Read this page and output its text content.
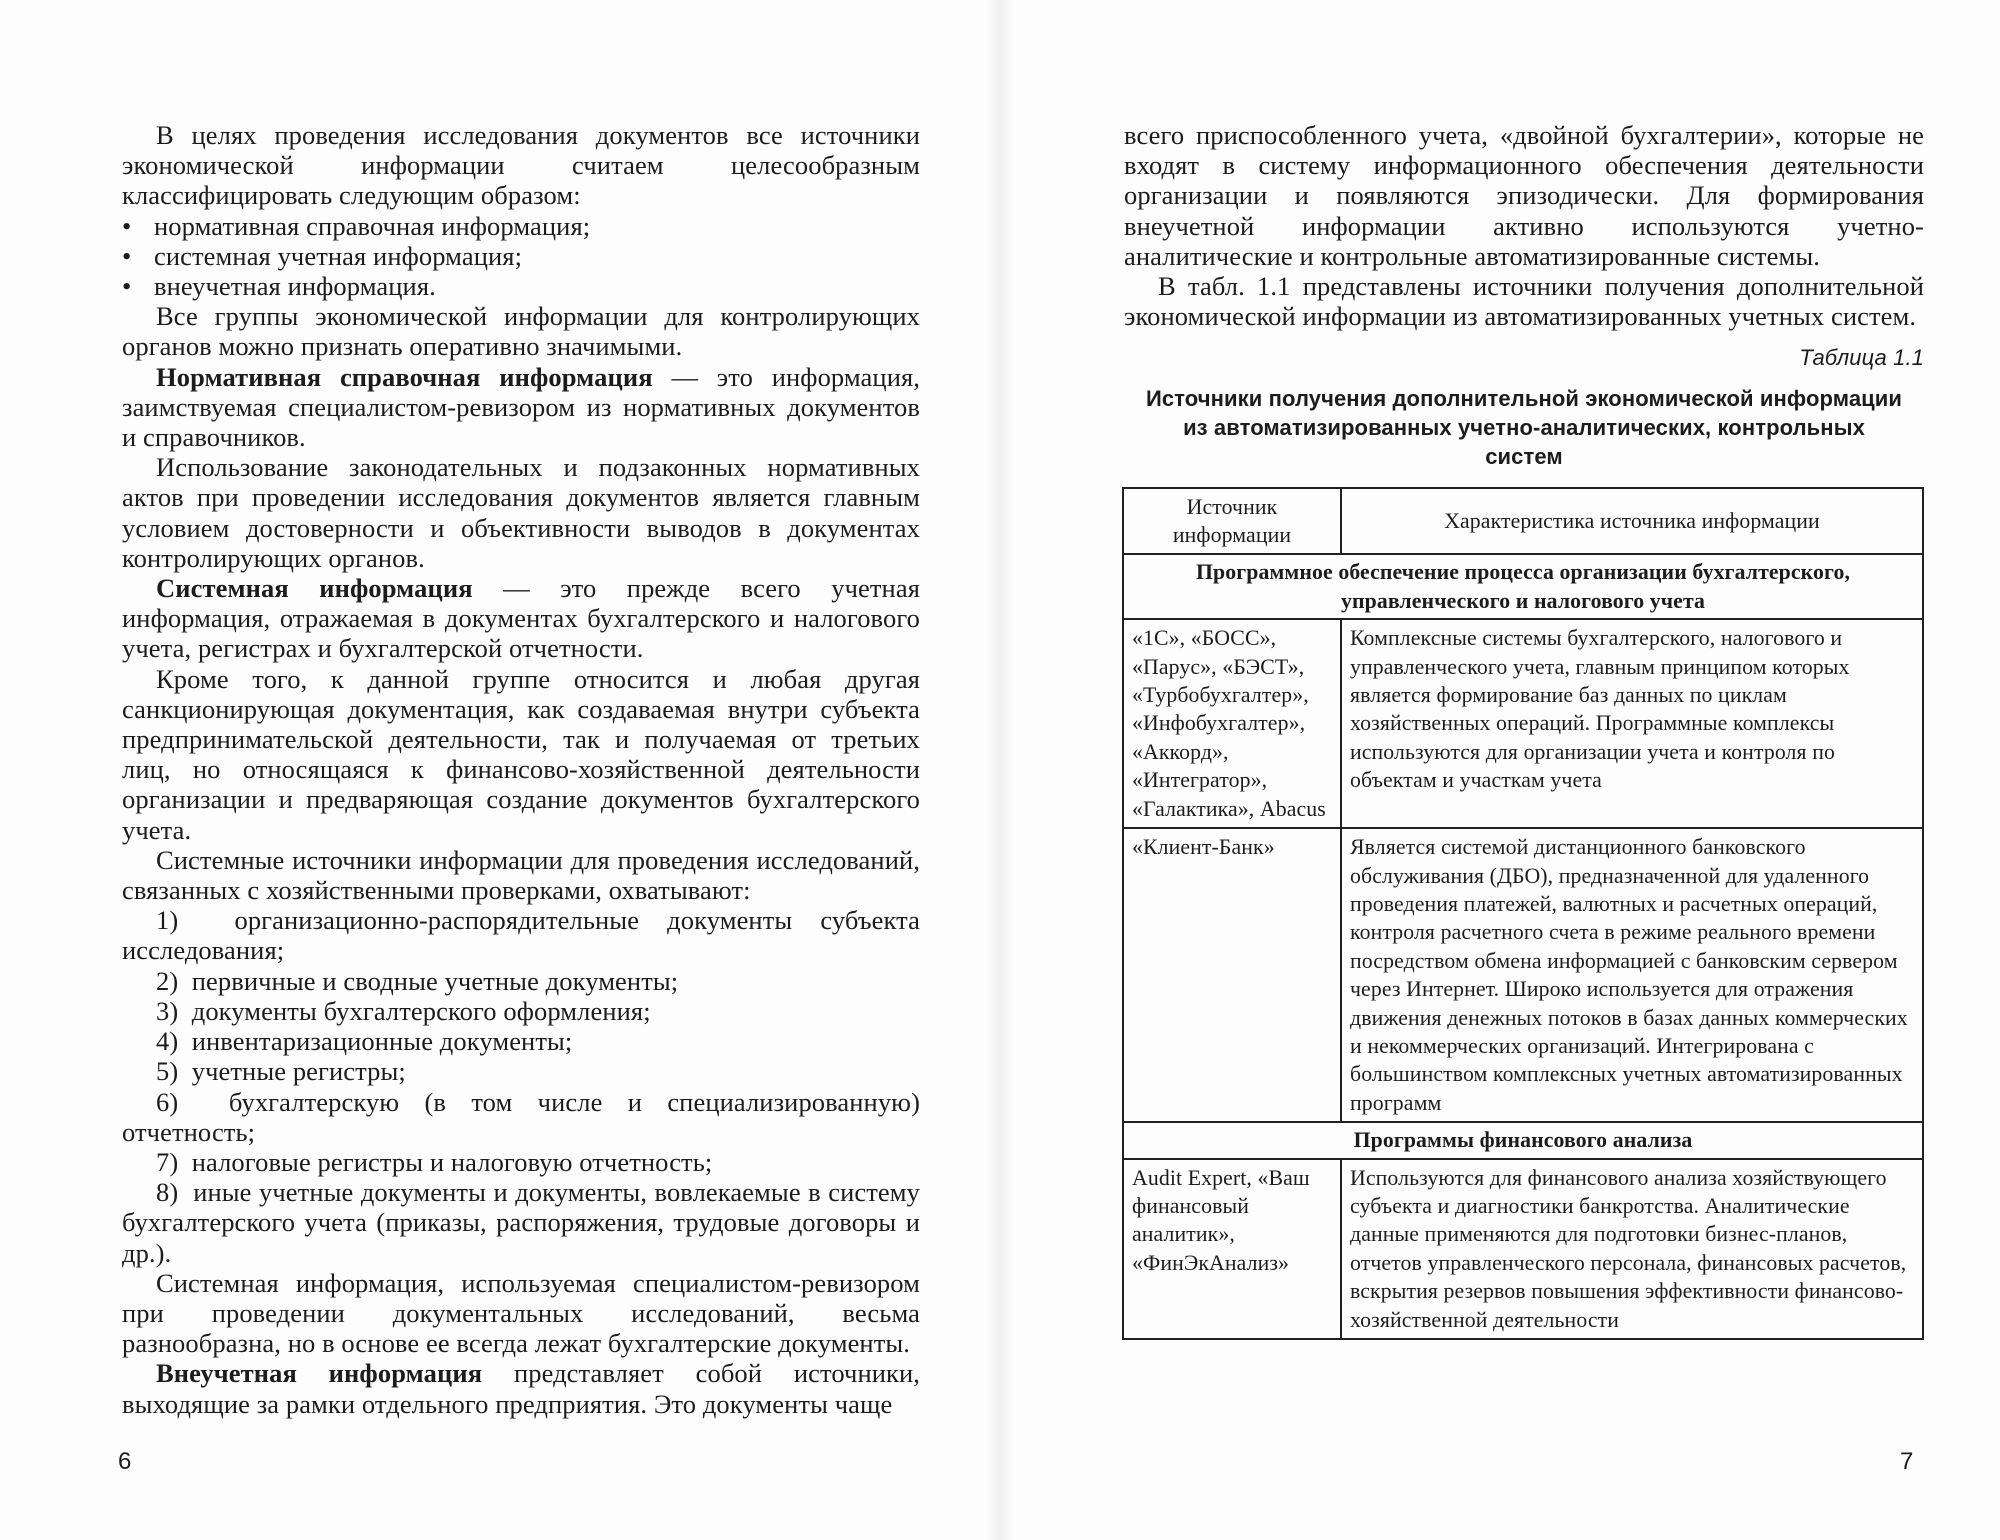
В целях проведения исследования документов все источники экономической информации считаем целесообразным классифицировать следующим образом:

• нормативная справочная информация;

• системная учетная информация;

• внеучетная информация.

Все группы экономической информации для контролирующих органов можно признать оперативно значимыми.

Нормативная справочная информация — это информация, заимствуемая специалистом-ревизором из нормативных документов и справочников.

Использование законодательных и подзаконных нормативных актов при проведении исследования документов является главным условием достоверности и объективности выводов в документах контролирующих органов.

Системная информация — это прежде всего учетная информация, отражаемая в документах бухгалтерского и налогового учета, регистрах и бухгалтерской отчетности.

Кроме того, к данной группе относится и любая другая санкционирующая документация, как создаваемая внутри субъекта предпринимательской деятельности, так и получаемая от третьих лиц, но относящаяся к финансово-хозяйственной деятельности организации и предваряющая создание документов бухгалтерского учета.

Системные источники информации для проведения исследований, связанных с хозяйственными проверками, охватывают:

1) организационно-распорядительные документы субъекта исследования;

2) первичные и сводные учетные документы;

3) документы бухгалтерского оформления;

4) инвентаризационные документы;

5) учетные регистры;

6) бухгалтерскую (в том числе и специализированную) отчетность;

7) налоговые регистры и налоговую отчетность;

8) иные учетные документы и документы, вовлекаемые в систему бухгалтерского учета (приказы, распоряжения, трудовые договоры и др.).

Системная информация, используемая специалистом-ревизором при проведении документальных исследований, весьма разнообразна, но в основе ее всегда лежат бухгалтерские документы.

Внеучетная информация представляет собой источники, выходящие за рамки отдельного предприятия. Это документы чаще

6

всего приспособленного учета, «двойной бухгалтерии», которые не входят в систему информационного обеспечения деятельности организации и появляются эпизодически. Для формирования внеучетной информации активно используются учетно-аналитические и контрольные автоматизированные системы.

В табл. 1.1 представлены источники получения дополнительной экономической информации из автоматизированных учетных систем.

Таблица 1.1
Источники получения дополнительной экономической информации из автоматизированных учетно-аналитических, контрольных систем
Источник информации	Характеристика источника информации
Программное обеспечение процесса организации бухгалтерского, управленческого и налогового учета	
«1С», «БОСС», «Парус», «БЭСТ», «Турбобухгалтер», «Инфобухгалтер», «Аккорд», «Интегратор», «Галактика», Abacus	Комплексные системы бухгалтерского, налогового и управленческого учета, главным принципом которых является формирование баз данных по циклам хозяйственных операций. Программные комплексы используются для организации учета и контроля по объектам и участкам учета
«Клиент-Банк»	Является системой дистанционного банковского обслуживания (ДБО), предназначенной для удаленного проведения платежей, валютных и расчетных операций, контроля расчетного счета в режиме реального времени посредством обмена информацией с банковским сервером через Интернет. Широко используется для отражения движения денежных потоков в базах данных коммерческих и некоммерческих организаций. Интегрирована с большинством комплексных учетных автоматизированных программ
Программы финансового анализа	
Audit Expert, «Ваш финансовый аналитик», «ФинЭкАнализ»	Используются для финансового анализа хозяйствующего субъекта и диагностики банкротства. Аналитические данные применяются для подготовки бизнес-планов, отчетов управленческого персонала, финансовых расчетов, вскрытия резервов повышения эффективности финансово-хозяйственной деятельности
7
